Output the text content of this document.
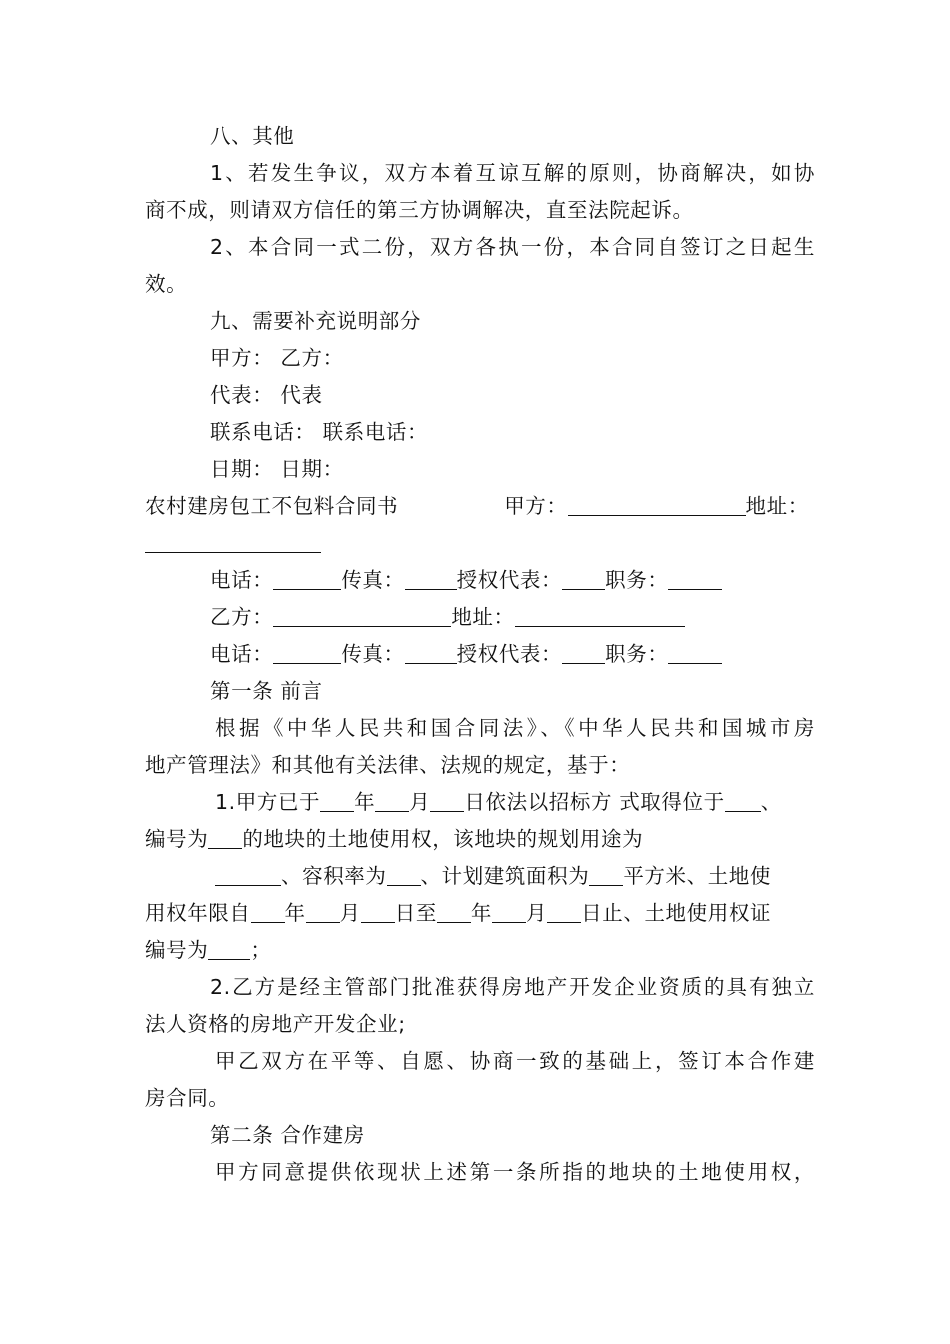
八、其他
1、若发生争议，双方本着互谅互解的原则，协商解决，如协
商不成，则请双方信任的第三方协调解决，直至法院起诉。
2、本合同一式二份，双方各执一份，本合同自签订之日起生
效。
九、需要补充说明部分
甲方： 乙方：
代表： 代表
联系电话： 联系电话：
日期： 日期：
农村建房包工不包料合同书	甲方：	地址：
电话：	传真：	授权代表： 职务：
乙方：	地址：
电话：	传真：	授权代表： 职务：
第一条 前言
根据《中华人民共和国合同法》、《中华人民共和国城市房
地产管理法》和其他有关法律、法规的规定，基于：
1.甲方已于 年 月 日依法以招标方 式取得位于 、
编号为 的地块的土地使用权，该地块的规划用途为
、容积率为 、计划建筑面积为 平方米、土地使
用权年限自 年 月 日至 年 月 日止、土地使用权证
编号为 ；
2.乙方是经主管部门批准获得房地产开发企业资质的具有独立
法人资格的房地产开发企业;
甲乙双方在平等、自愿、协商一致的基础上，签订本合作建
房合同。
第二条 合作建房
甲方同意提供依现状上述第一条所指的地块的土地使用权，
